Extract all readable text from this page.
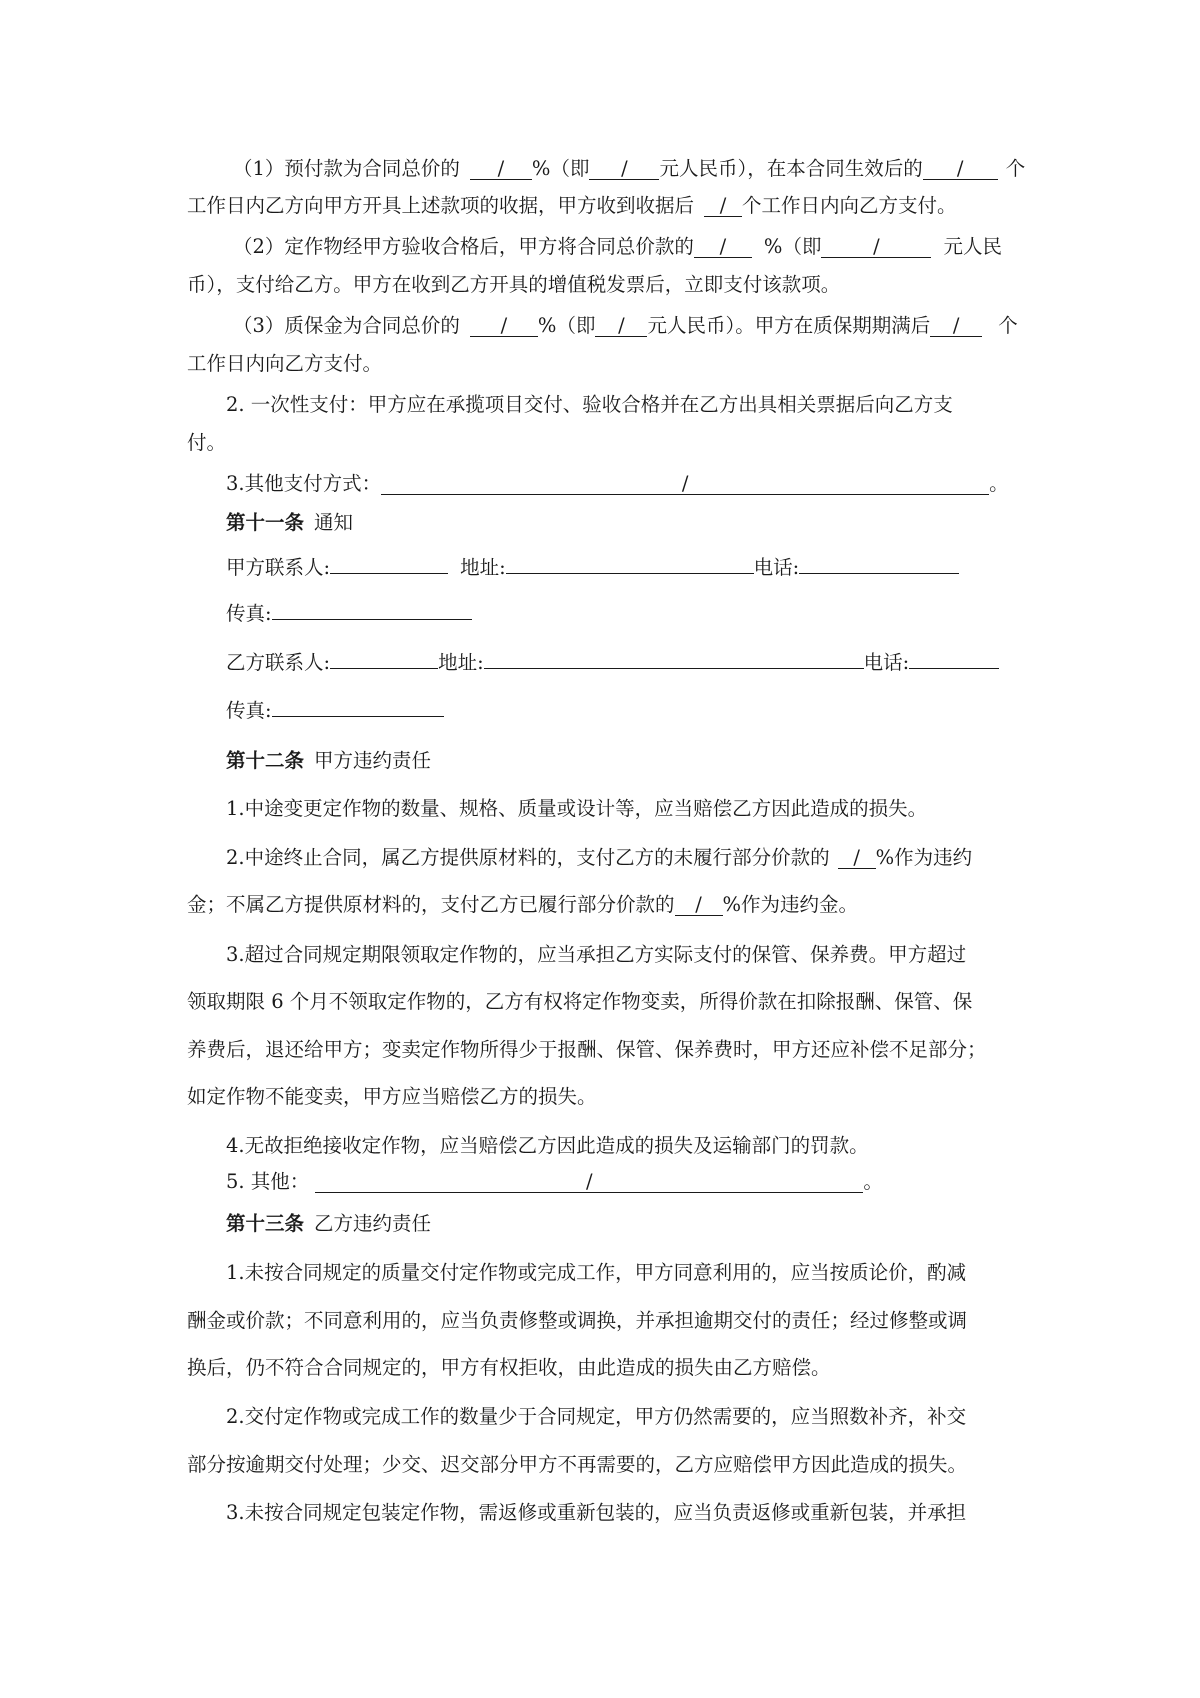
（1）预付款为合同总价的 / %（即 / 元人民币），在本合同生效后的 / 个
工作日内乙方向甲方开具上述款项的收据，甲方收到收据后 / 个工作日内向乙方支付。
（2）定作物经甲方验收合格后，甲方将合同总价款的 / %（即	/	元人民
币），支付给乙方。甲方在收到乙方开具的增值税发票后，立即支付该款项。
（3）质保金为合同总价的 / %（即 / 元人民币）。甲方在质保期期满后 / 个
工作日内向乙方支付。
2. 一次性支付：甲方应在承揽项目交付、验收合格并在乙方出具相关票据后向乙方支
付。
3.其他支付方式：	/	。
第十一条 通知
甲方联系人:	地址:	电话:
传真:
乙方联系人:	地址:	电话:
传真:
第十二条 甲方违约责任
1.中途变更定作物的数量、规格、质量或设计等，应当赔偿乙方因此造成的损失。
2.中途终止合同，属乙方提供原材料的，支付乙方的未履行部分价款的 / %作为违约
金；不属乙方提供原材料的，支付乙方已履行部分价款的 / %作为违约金。
3.超过合同规定期限领取定作物的，应当承担乙方实际支付的保管、保养费。甲方超过
领取期限 6 个月不领取定作物的，乙方有权将定作物变卖，所得价款在扣除报酬、保管、保
养费后，退还给甲方；变卖定作物所得少于报酬、保管、保养费时，甲方还应补偿不足部分；
如定作物不能变卖，甲方应当赔偿乙方的损失。
4.无故拒绝接收定作物，应当赔偿乙方因此造成的损失及运输部门的罚款。
5. 其他：	/	。
第十三条 乙方违约责任
1.未按合同规定的质量交付定作物或完成工作，甲方同意利用的，应当按质论价，酌减
酬金或价款；不同意利用的，应当负责修整或调换，并承担逾期交付的责任；经过修整或调
换后，仍不符合合同规定的，甲方有权拒收，由此造成的损失由乙方赔偿。
2.交付定作物或完成工作的数量少于合同规定，甲方仍然需要的，应当照数补齐，补交
部分按逾期交付处理；少交、迟交部分甲方不再需要的，乙方应赔偿甲方因此造成的损失。
3.未按合同规定包装定作物，需返修或重新包装的，应当负责返修或重新包装，并承担
